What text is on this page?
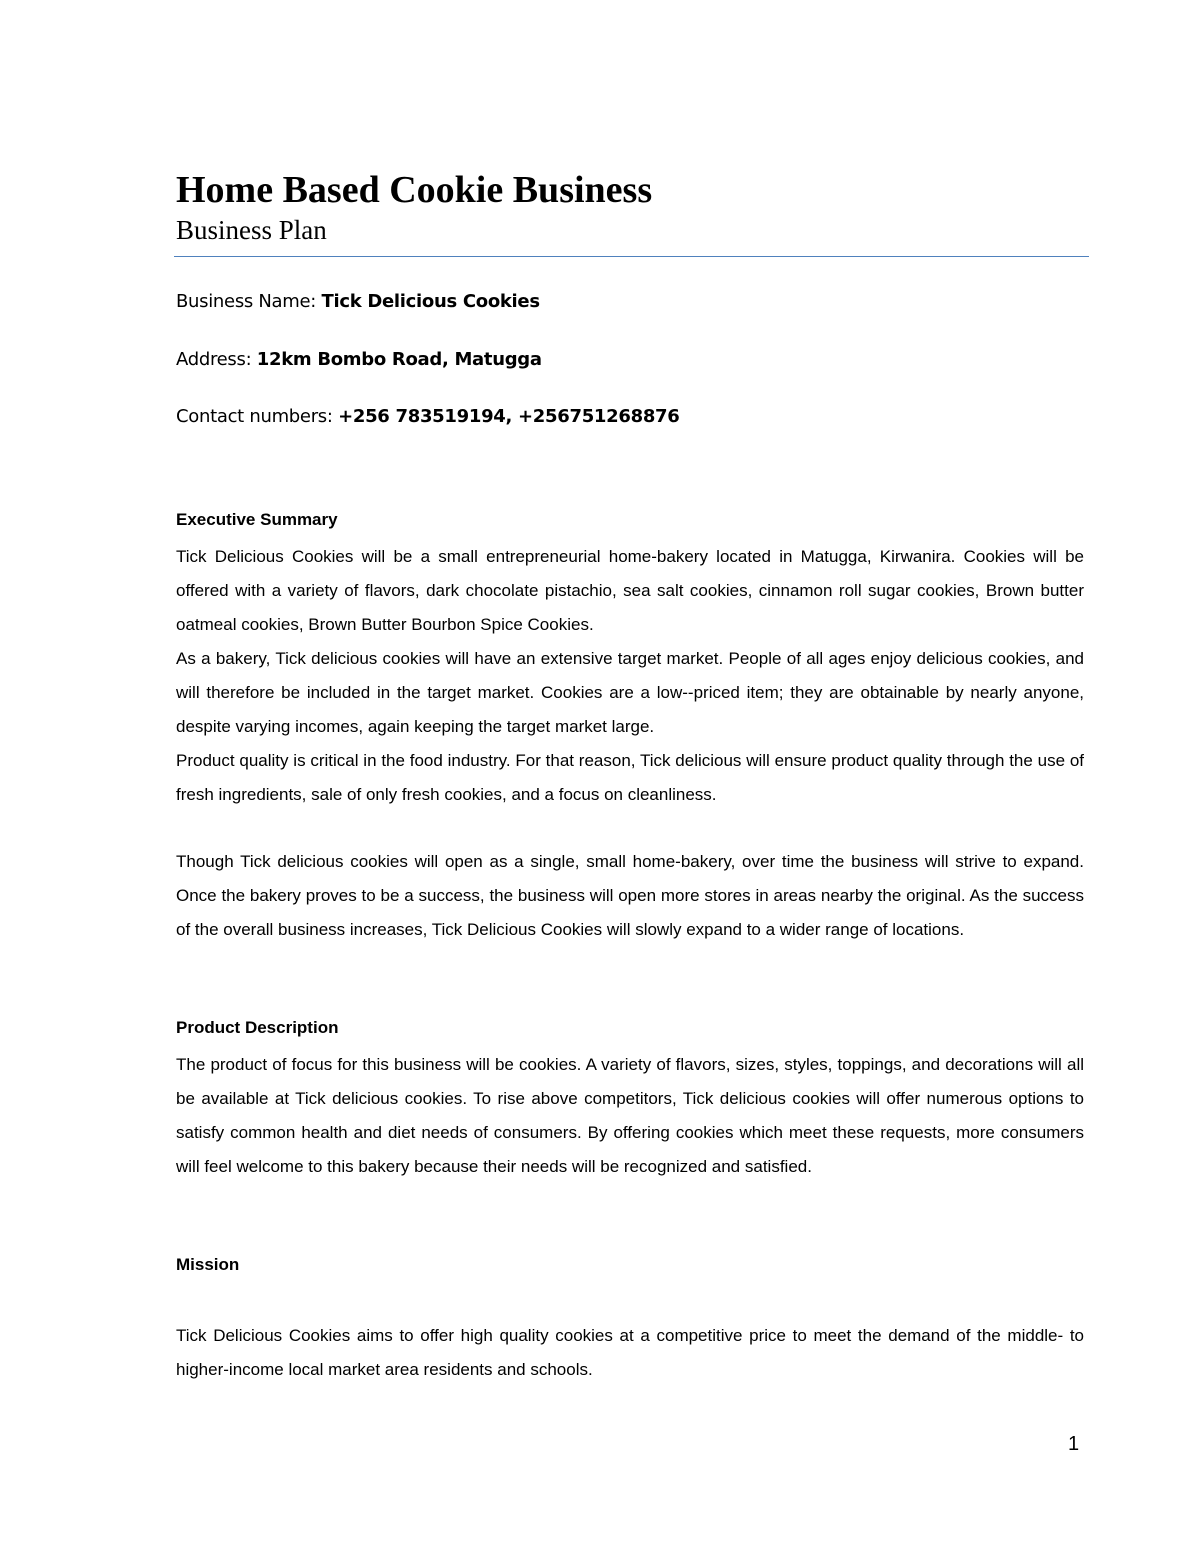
Home Based Cookie Business
Business Plan
Business Name: Tick Delicious Cookies
Address: 12km Bombo Road, Matugga
Contact numbers: +256 783519194, +256751268876
Executive Summary

Tick Delicious Cookies will be a small entrepreneurial home-bakery located in Matugga, Kirwanira. Cookies will be offered with a variety of flavors, dark chocolate pistachio, sea salt cookies, cinnamon roll sugar cookies, Brown butter oatmeal cookies, Brown Butter Bourbon Spice Cookies.

As a bakery, Tick delicious cookies will have an extensive target market. People of all ages enjoy delicious cookies, and will therefore be included in the target market. Cookies are a low--priced item; they are obtainable by nearly anyone, despite varying incomes, again keeping the target market large.

Product quality is critical in the food industry. For that reason, Tick delicious will ensure product quality through the use of fresh ingredients, sale of only fresh cookies, and a focus on cleanliness.

Though Tick delicious cookies will open as a single, small home-bakery, over time the business will strive to expand. Once the bakery proves to be a success, the business will open more stores in areas nearby the original. As the success of the overall business increases, Tick Delicious Cookies will slowly expand to a wider range of locations.

Product Description

The product of focus for this business will be cookies. A variety of flavors, sizes, styles, toppings, and decorations will all be available at Tick delicious cookies. To rise above competitors, Tick delicious cookies will offer numerous options to satisfy common health and diet needs of consumers. By offering cookies which meet these requests, more consumers will feel welcome to this bakery because their needs will be recognized and satisfied.

Mission

Tick Delicious Cookies aims to offer high quality cookies at a competitive price to meet the demand of the middle- to higher-income local market area residents and schools.

1
